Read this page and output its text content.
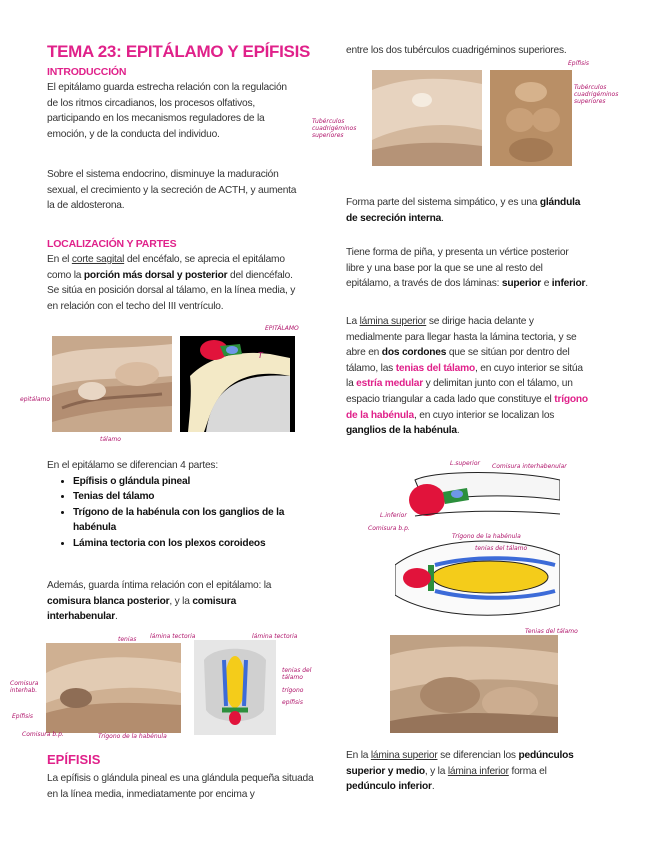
TEMA 23: EPITÁLAMO Y EPÍFISIS
INTRODUCCIÓN
El epitálamo guarda estrecha relación con la regulación
de los ritmos circadianos, los procesos olfativos,
participando en los mecanismos reguladores de la
emoción, y de la conducta del individuo.
Sobre el sistema endocrino, disminuye la maduración
sexual, el crecimiento y la secreción de ACTH, y aumenta
la de aldosterona.
LOCALIZACIÓN Y PARTES
En el corte sagital del encéfalo, se aprecia el epitálamo
como la porción más dorsal y posterior del diencéfalo.
Se sitúa en posición dorsal al tálamo, en la línea media, y
en relación con el techo del III ventrículo.
epitálamo
tálamo
EPITÁLAMO
T
En el epitálamo se diferencian 4 partes:
• Epífisis o glándula pineal
• Tenias del tálamo
• Trígono de la habénula con los ganglios de la
habénula
• Lámina tectoria con los plexos coroideos
Además, guarda íntima relación con el epitálamo: la
comisura blanca posterior, y la comisura
interhabenular.
tenias lámina tectoria	lámina tectoria
Comisura interhab.
Epífisis
Comisura b.p.	Trígono de la habénula
tenias del tálamo
trígono
epífisis
EPÍFISIS
La epífisis o glándula pineal es una glándula pequeña situada
en la línea media, inmediatamente por encima y
entre los dos tubérculos cuadrigéminos superiores.
Epífisis
Tubérculos cuadrigéminos superiores
Tubérculos cuadrigéminos superiores
Forma parte del sistema simpático, y es una glándula
de secreción interna.
Tiene forma de piña, y presenta un vértice posterior
libre y una base por la que se une al resto del
epitálamo, a través de dos láminas: superior e inferior.
La lámina superior se dirige hacia delante y
medialmente para llegar hasta la lámina tectoria, y se
abre en dos cordones que se sitúan por dentro del
tálamo, las tenias del tálamo, en cuyo interior se sitúa
la estría medular y delimitan junto con el tálamo, un
espacio triangular a cada lado que constituye el trígono
de la habénula, en cuyo interior se localizan los
ganglios de la habénula.
L.superior Comisura interhabenular
L.inferior
Comisura b.p.
Trígono de la habénula
tenias del tálamo
Tenias del tálamo
En la lámina superior se diferencian los pedúnculos
superior y medio, y la lámina inferior forma el
pedúnculo inferior.
